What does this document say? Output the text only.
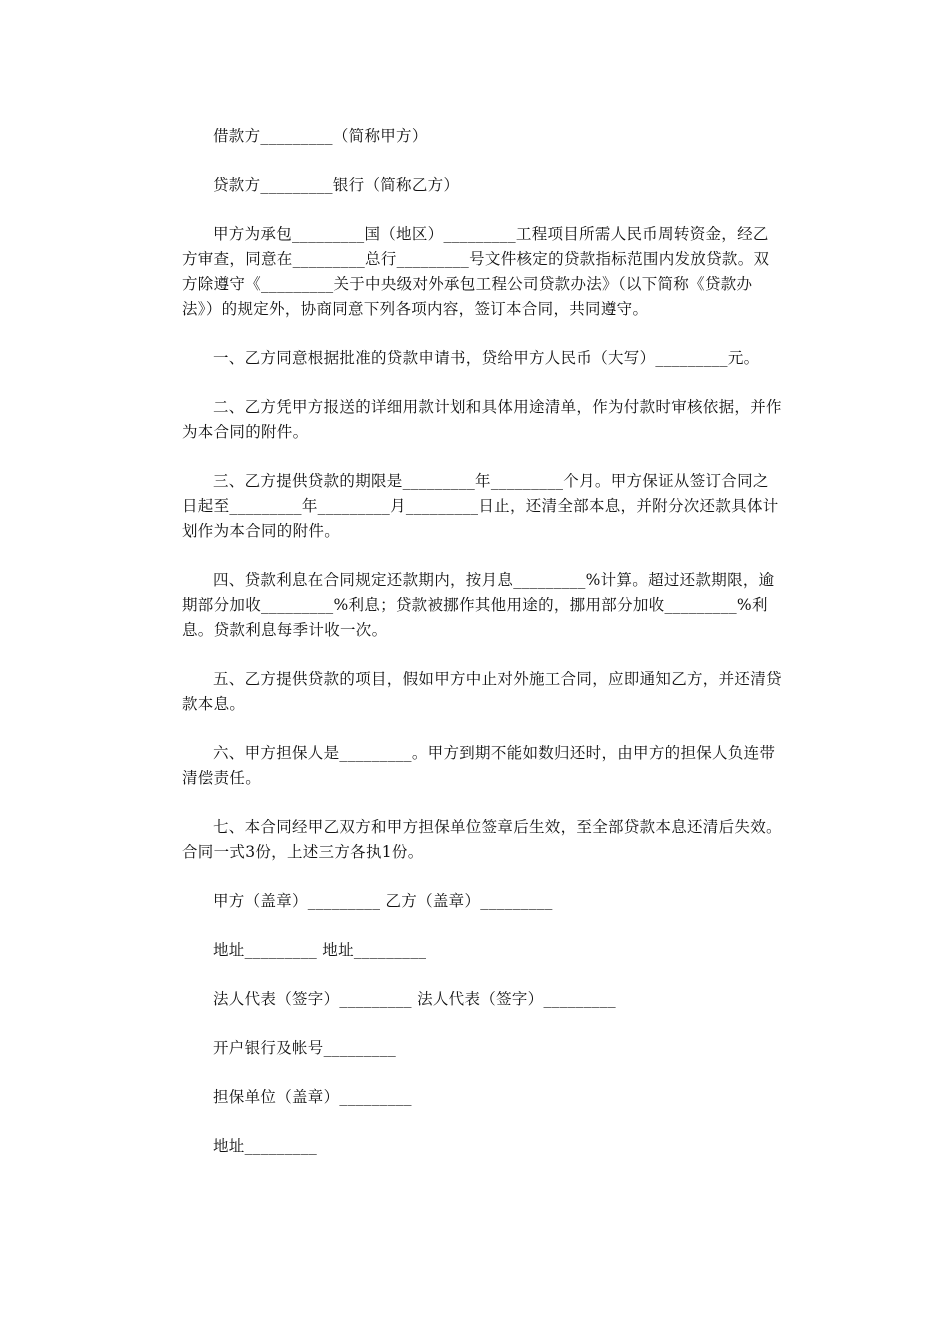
借款方_________（简称甲方）

贷款方_________银行（简称乙方）

甲方为承包_________国（地区）_________工程项目所需人民币周转资金，经乙方审查，同意在_________总行_________号文件核定的贷款指标范围内发放贷款。双方除遵守《_________关于中央级对外承包工程公司贷款办法》（以下简称《贷款办法》）的规定外，协商同意下列各项内容，签订本合同，共同遵守。

一、乙方同意根据批准的贷款申请书，贷给甲方人民币（大写）_________元。

二、乙方凭甲方报送的详细用款计划和具体用途清单，作为付款时审核依据，并作为本合同的附件。

三、乙方提供贷款的期限是_________年_________个月。甲方保证从签订合同之日起至_________年_________月_________日止，还清全部本息，并附分次还款具体计划作为本合同的附件。

四、贷款利息在合同规定还款期内，按月息_________%计算。超过还款期限，逾期部分加收_________%利息；贷款被挪作其他用途的，挪用部分加收_________%利息。贷款利息每季计收一次。

五、乙方提供贷款的项目，假如甲方中止对外施工合同，应即通知乙方，并还清贷款本息。

六、甲方担保人是_________。甲方到期不能如数归还时，由甲方的担保人负连带清偿责任。

七、本合同经甲乙双方和甲方担保单位签章后生效，至全部贷款本息还清后失效。合同一式3份，上述三方各执1份。

甲方（盖章）_________ 乙方（盖章）_________

地址_________ 地址_________

法人代表（签字）_________ 法人代表（签字）_________

开户银行及帐号_________

担保单位（盖章）_________

地址_________
